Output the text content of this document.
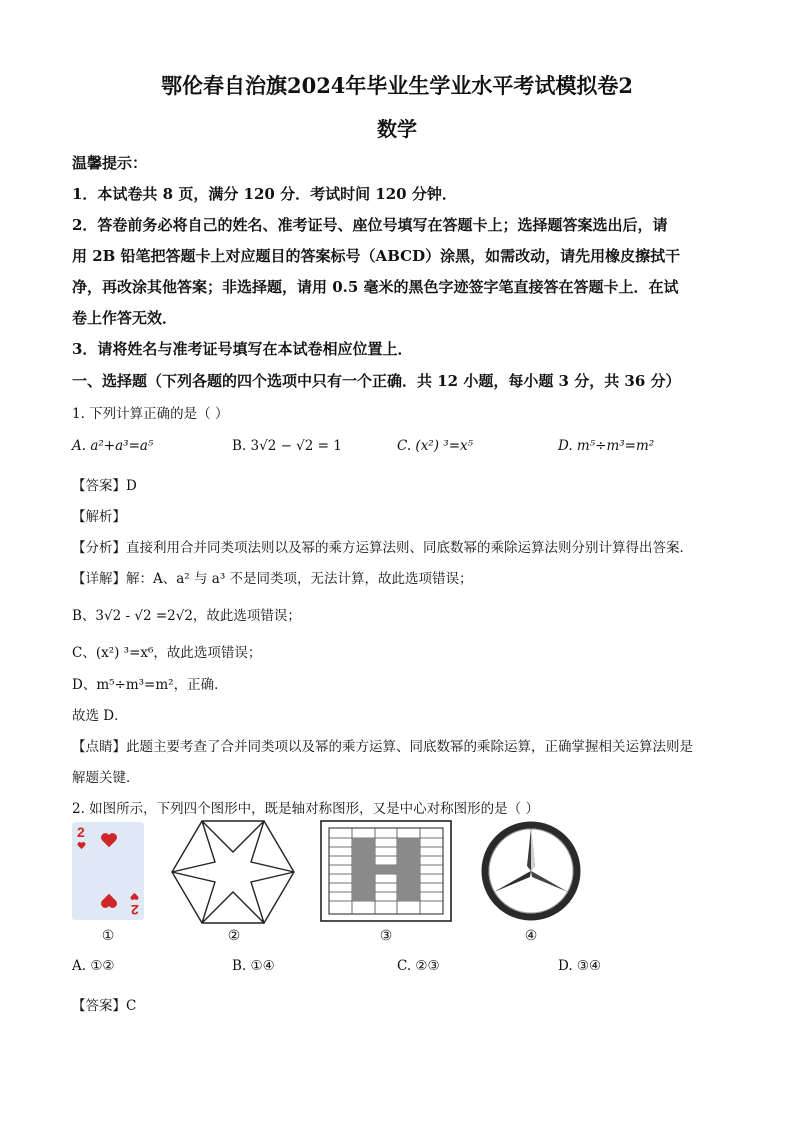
鄂伦春自治旗2024年毕业生学业水平考试模拟卷2
数学
温馨提示：
1．本试卷共 8 页，满分 120 分．考试时间 120 分钟．
2．答卷前务必将自己的姓名、准考证号、座位号填写在答题卡上；选择题答案选出后，请
用 2B 铅笔把答题卡上对应题目的答案标号（ABCD）涂黑，如需改动，请先用橡皮擦拭干
净，再改涂其他答案；非选择题，请用 0.5 毫米的黑色字迹签字笔直接答在答题卡上．在试
卷上作答无效．
3．请将姓名与准考证号填写在本试卷相应位置上．
一、选择题（下列各题的四个选项中只有一个正确．共 12 小题，每小题 3 分，共 36 分）
1. 下列计算正确的是（ ）
A. a²+a³=a⁵	B. 3√2 − √2 = 1	C. (x²) ³=x⁵	D. m⁵÷m³=m²
【答案】D
【解析】
【分析】直接利用合并同类项法则以及幂的乘方运算法则、同底数幂的乘除运算法则分别计算得出答案．
【详解】解：A、a² 与 a³ 不是同类项，无法计算，故此选项错误；
B、3√2 - √2 =2√2，故此选项错误；
C、(x²) ³=x⁶，故此选项错误；
D、m⁵÷m³=m²，正确．
故选 D．
【点睛】此题主要考查了合并同类项以及幂的乘方运算、同底数幂的乘除运算，正确掌握相关运算法则是
解题关键．
2. 如图所示，下列四个图形中，既是轴对称图形，又是中心对称图形的是（ ）
2
2
①	②	③	④
A. ①②	B. ①④	C. ②③	D. ③④
【答案】C
